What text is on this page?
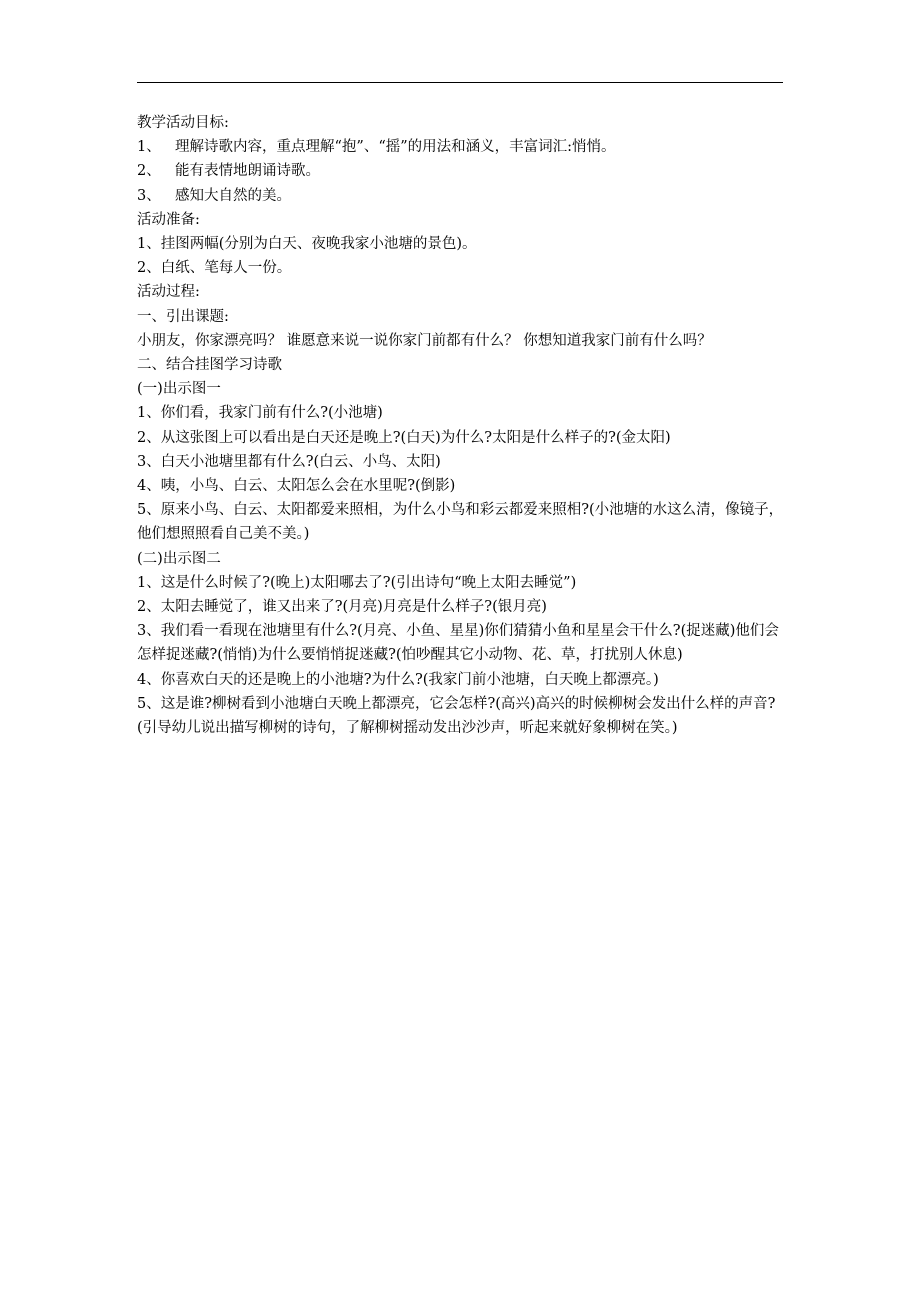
教学活动目标:
1、 理解诗歌内容，重点理解“抱”、“摇”的用法和涵义，丰富词汇:悄悄。
2、 能有表情地朗诵诗歌。
3、 感知大自然的美。
活动准备:
1、挂图两幅(分别为白天、夜晚我家小池塘的景色)。
2、白纸、笔每人一份。
活动过程:
一、引出课题:
小朋友，你家漂亮吗？ 谁愿意来说一说你家门前都有什么？ 你想知道我家门前有什么吗？
二、结合挂图学习诗歌
(一)出示图一
1、你们看，我家门前有什么?(小池塘)
2、从这张图上可以看出是白天还是晚上?(白天)为什么?太阳是什么样子的?(金太阳)
3、白天小池塘里都有什么?(白云、小鸟、太阳)
4、咦，小鸟、白云、太阳怎么会在水里呢?(倒影)
5、原来小鸟、白云、太阳都爱来照相，为什么小鸟和彩云都爱来照相?(小池塘的水这么清，像镜子，他们想照照看自己美不美。)
(二)出示图二
1、这是什么时候了?(晚上)太阳哪去了?(引出诗句“晚上太阳去睡觉”)
2、太阳去睡觉了，谁又出来了?(月亮)月亮是什么样子?(银月亮)
3、我们看一看现在池塘里有什么?(月亮、小鱼、星星)你们猜猜小鱼和星星会干什么?(捉迷藏)他们会怎样捉迷藏?(悄悄)为什么要悄悄捉迷藏?(怕吵醒其它小动物、花、草，打扰别人休息)
4、你喜欢白天的还是晚上的小池塘?为什么?(我家门前小池塘，白天晚上都漂亮。)
5、这是谁?柳树看到小池塘白天晚上都漂亮，它会怎样?(高兴)高兴的时候柳树会发出什么样的声音?(引导幼儿说出描写柳树的诗句，了解柳树摇动发出沙沙声，听起来就好象柳树在笑。)
